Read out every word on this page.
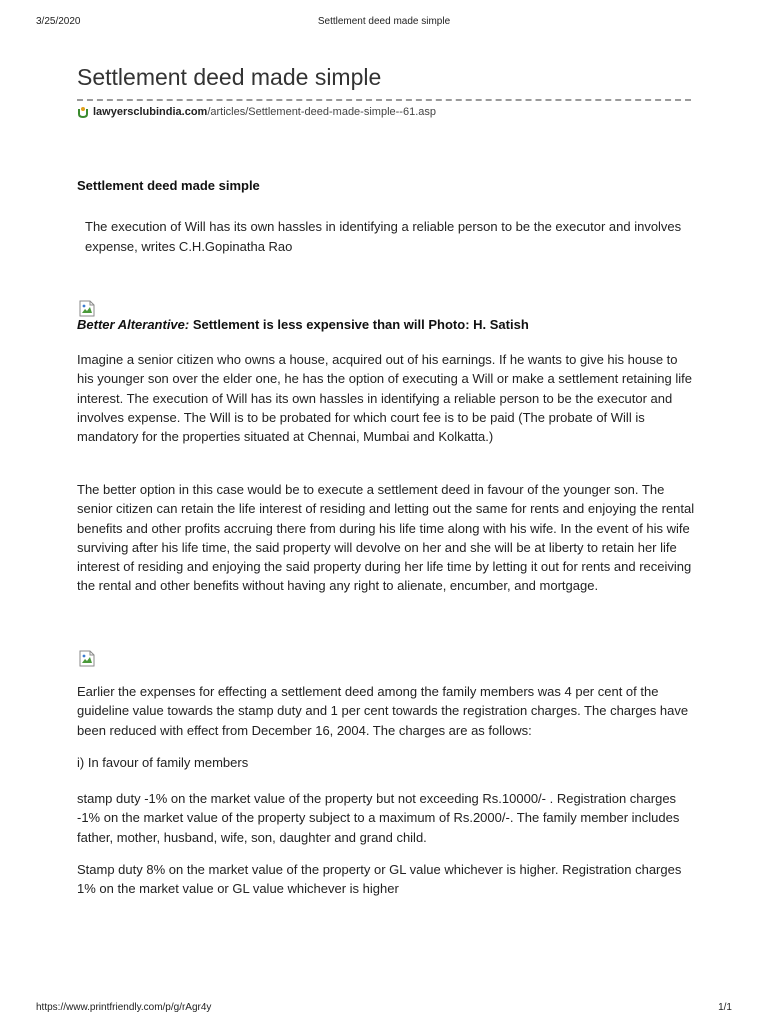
3/25/2020	Settlement deed made simple
Settlement deed made simple
lawyersclubindia.com/articles/Settlement-deed-made-simple--61.asp
Settlement deed made simple
The execution of Will has its own hassles in identifying a reliable person to be the executor and involves expense, writes C.H.Gopinatha Rao
Better Alterantive: Settlement is less expensive than will Photo: H. Satish

Imagine a senior citizen who owns a house, acquired out of his earnings. If he wants to give his house to his younger son over the elder one, he has the option of executing a Will or make a settlement retaining life interest. The execution of Will has its own hassles in identifying a reliable person to be the executor and involves expense. The Will is to be probated for which court fee is to be paid (The probate of Will is mandatory for the properties situated at Chennai, Mumbai and Kolkatta.)

The better option in this case would be to execute a settlement deed in favour of the younger son. The senior citizen can retain the life interest of residing and letting out the same for rents and enjoying the rental benefits and other profits accruing there from during his life time along with his wife. In the event of his wife surviving after his life time, the said property will devolve on her and she will be at liberty to retain her life interest of residing and enjoying the said property during her life time by letting it out for rents and receiving the rental and other benefits without having any right to alienate, encumber, and mortgage.

Earlier the expenses for effecting a settlement deed among the family members was 4 per cent of the guideline value towards the stamp duty and 1 per cent towards the registration charges. The charges have been reduced with effect from December 16, 2004. The charges are as follows:

i) In favour of family members

stamp duty -1% on the market value of the property but not exceeding Rs.10000/- . Registration charges -1% on the market value of the property subject to a maximum of Rs.2000/-. The family member includes father, mother, husband, wife, son, daughter and grand child.

Stamp duty 8% on the market value of the property or GL value whichever is higher. Registration charges 1% on the market value or GL value whichever is higher

https://www.printfriendly.com/p/g/rAgr4y	1/1
